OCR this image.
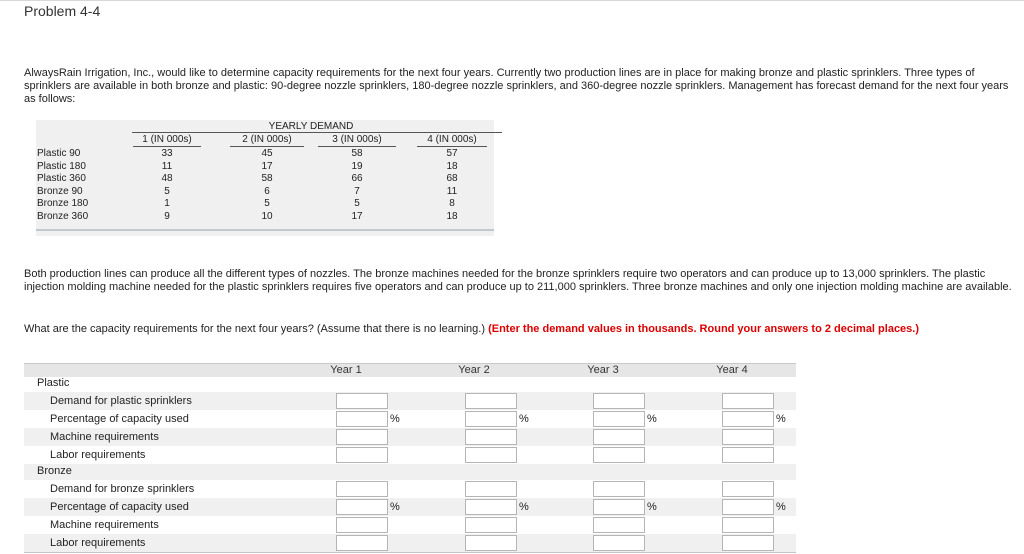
Problem 4-4
AlwaysRain Irrigation, Inc., would like to determine capacity requirements for the next four years. Currently two production lines are in place for making bronze and plastic sprinklers. Three types of sprinklers are available in both bronze and plastic: 90-degree nozzle sprinklers, 180-degree nozzle sprinklers, and 360-degree nozzle sprinklers. Management has forecast demand for the next four years as follows:
YEARLY DEMAND
1 (IN 000s)	2 (IN 000s)	3 (IN 000s)	4 (IN 000s)
Plastic 90	33	45	58	57
Plastic 180	11	17	19	18
Plastic 360	48	58	66	68
Bronze 90	5	6	7	11
Bronze 180	1	5	5	8
Bronze 360	9	10	17	18
Both production lines can produce all the different types of nozzles. The bronze machines needed for the bronze sprinklers require two operators and can produce up to 13,000 sprinklers. The plastic injection molding machine needed for the plastic sprinklers requires five operators and can produce up to 211,000 sprinklers. Three bronze machines and only one injection molding machine are available.
What are the capacity requirements for the next four years? (Assume that there is no learning.) (Enter the demand values in thousands. Round your answers to 2 decimal places.)
Year 1	Year 2	Year 3	Year 4
Plastic
Demand for plastic sprinklers
Percentage of capacity used	%	%	%	%
Machine requirements
Labor requirements
Bronze
Demand for bronze sprinklers
Percentage of capacity used	%	%	%	%
Machine requirements
Labor requirements
